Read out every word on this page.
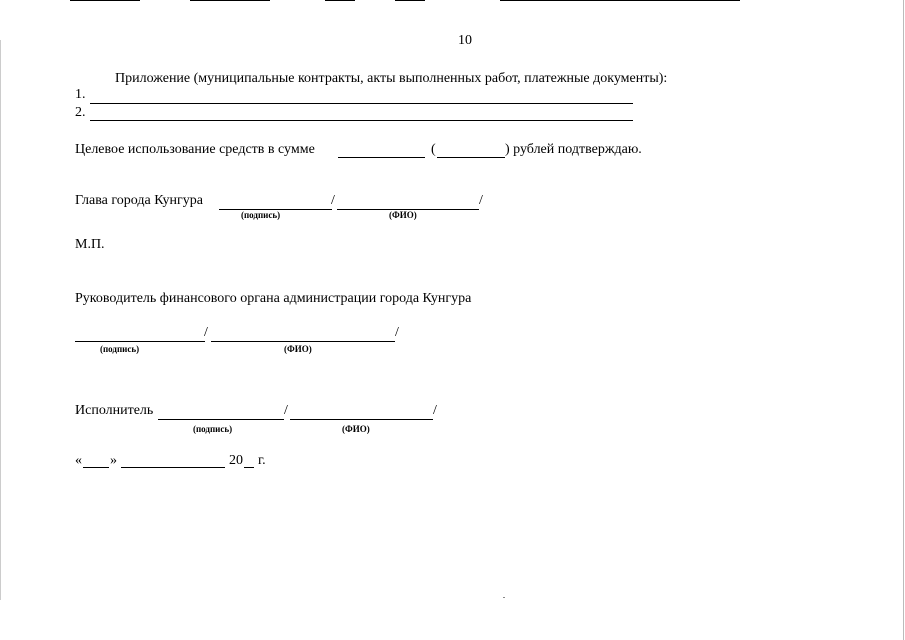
10
Приложение (муниципальные контракты, акты выполненных работ, платежные документы):
1.
2.
Целевое использование средств в сумме	(	) рублей подтверждаю.
Глава города Кунгура	/	/
(подпись)	(ФИО)
М.П.
Руководитель финансового органа администрации города Кунгура
/	/
(подпись)	(ФИО)
Исполнитель	/	/
(подпись)	(ФИО)
« »	20 г.
